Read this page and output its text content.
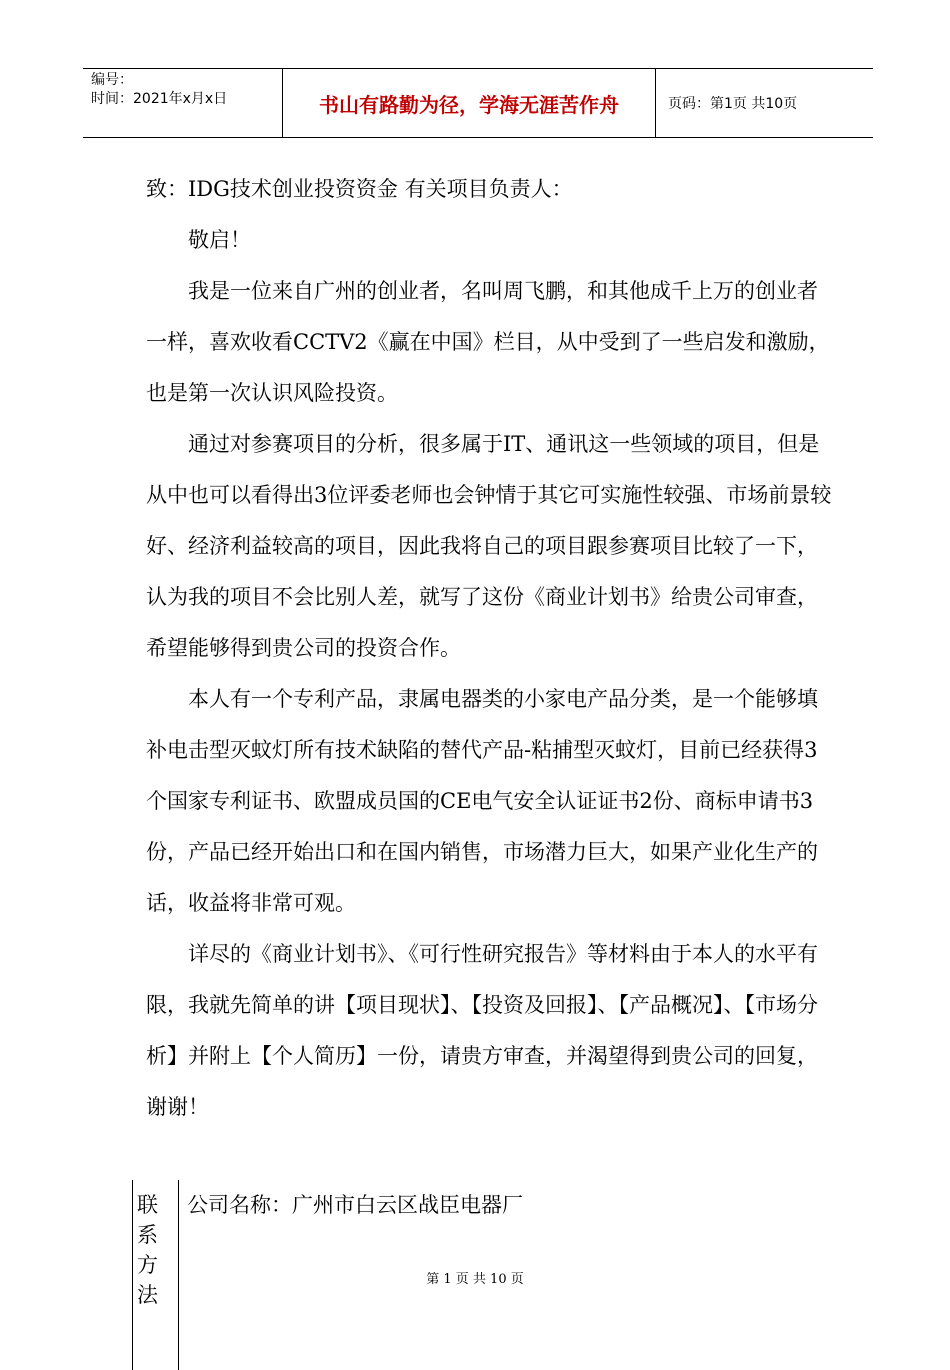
编号：
时间：2021年x月x日	书山有路勤为径，学海无涯苦作舟	页码：第1页 共10页

致：IDG技术创业投资资金 有关项目负责人：

敬启！

我是一位来自广州的创业者，名叫周飞鹏，和其他成千上万的创业者一样，喜欢收看CCTV2《赢在中国》栏目，从中受到了一些启发和激励，也是第一次认识风险投资。

通过对参赛项目的分析，很多属于IT、通讯这一些领域的项目，但是从中也可以看得出3位评委老师也会钟情于其它可实施性较强、市场前景较好、经济利益较高的项目，因此我将自己的项目跟参赛项目比较了一下，认为我的项目不会比别人差，就写了这份《商业计划书》给贵公司审查，希望能够得到贵公司的投资合作。

本人有一个专利产品，隶属电器类的小家电产品分类，是一个能够填补电击型灭蚊灯所有技术缺陷的替代产品-粘捕型灭蚊灯，目前已经获得3个国家专利证书、欧盟成员国的CE电气安全认证证书2份、商标申请书3份，产品已经开始出口和在国内销售，市场潜力巨大，如果产业化生产的话，收益将非常可观。

详尽的《商业计划书》、《可行性研究报告》等材料由于本人的水平有限，我就先简单的讲【项目现状】、【投资及回报】、【产品概况】、【市场分析】并附上【个人简历】一份，请贵方审查，并渴望得到贵公司的回复，谢谢！

联系方法
公司名称：广州市白云区战臣电器厂
第 1 页 共 10 页
